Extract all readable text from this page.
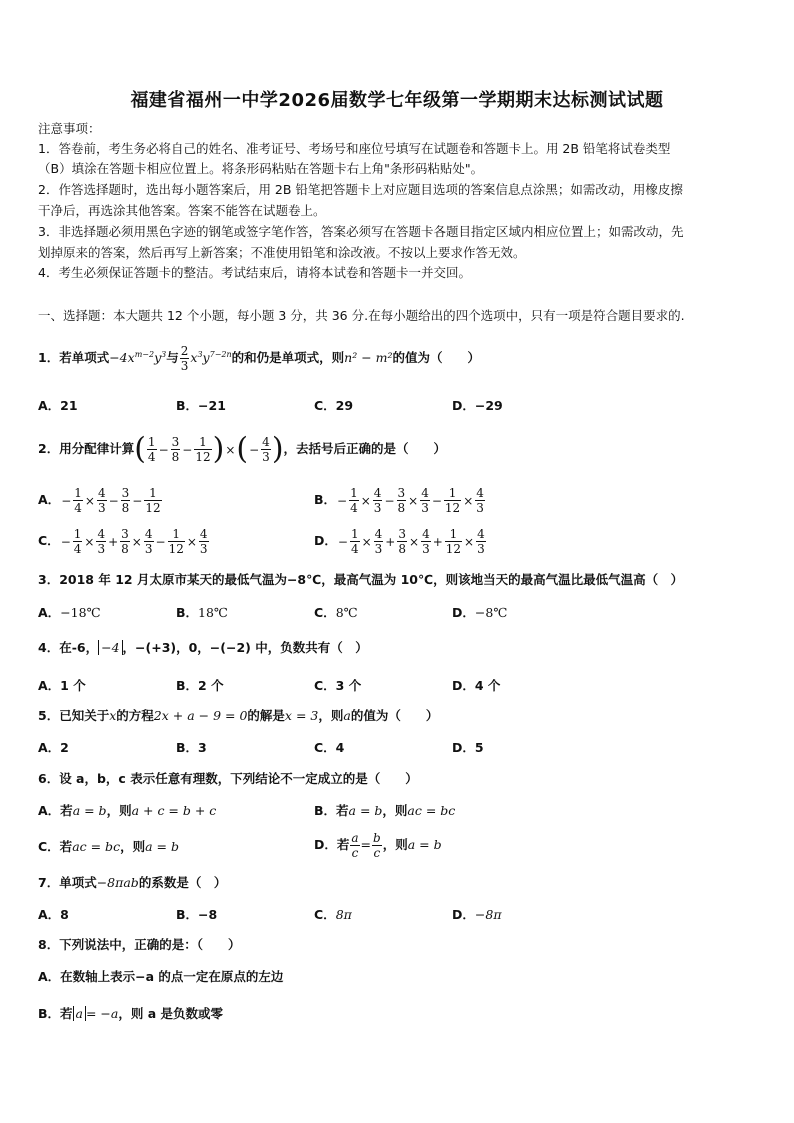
福建省福州一中学2026届数学七年级第一学期期末达标测试试题
注意事项：
1．答卷前，考生务必将自己的姓名、准考证号、考场号和座位号填写在试题卷和答题卡上。用 2B 铅笔将试卷类型
（B）填涂在答题卡相应位置上。将条形码粘贴在答题卡右上角"条形码粘贴处"。
2．作答选择题时，选出每小题答案后，用 2B 铅笔把答题卡上对应题目选项的答案信息点涂黑；如需改动，用橡皮擦
干净后，再选涂其他答案。答案不能答在试题卷上。
3．非选择题必须用黑色字迹的钢笔或签字笔作答，答案必须写在答题卡各题目指定区域内相应位置上；如需改动，先
划掉原来的答案，然后再写上新答案；不准使用铅笔和涂改液。不按以上要求作答无效。
4．考生必须保证答题卡的整洁。考试结束后，请将本试卷和答题卡一并交回。
一、选择题：本大题共 12 个小题，每小题 3 分，共 36 分.在每小题给出的四个选项中，只有一项是符合题目要求的.
1．若单项式$-4x^{m-2}y^3$与 $\frac{2}{3} x^3y^{7-2n}$的和仍是单项式，则n² − m²的值为（　　）
A．21	B．−21	C．29	D．−29
2．用分配律计算( $\frac{1}{4} - \frac{3}{8} - \frac{1}{12}$ )×(− $\frac{4}{3}$ )，去括号后正确的是（　　）
A．− $\frac{1}{4} \times \frac{4}{3} - \frac{3}{8} - \frac{1}{12}$	B．− $\frac{1}{4} \times \frac{4}{3} - \frac{3}{8} \times \frac{4}{3} - \frac{1}{12} \times \frac{4}{3}$
C．− $\frac{1}{4} \times \frac{4}{3} + \frac{3}{8} \times \frac{4}{3} - \frac{1}{12} \times \frac{4}{3}$	D．− $\frac{1}{4} \times \frac{4}{3} + \frac{3}{8} \times \frac{4}{3} + \frac{1}{12} \times \frac{4}{3}$
3．2018 年 12 月太原市某天的最低气温为−8℃，最高气温为 10℃，则该地当天的最高气温比最低气温高（　）
A．−18℃	B．18℃	C．8℃	D．−8℃
4．在-6， −4 ，−(+3)，0，−(−2) 中，负数共有（　）
A．1 个	B．2 个	C．3 个	D．4 个
5．已知关于x的方程2x + a − 9 = 0的解是x = 3，则a的值为（　　）
A．2	B．3	C．4	D．5
6．设 a，b，c 表示任意有理数，下列结论不一定成立的是（　　）
A．若a = b，则a + c = b + c	B．若a = b，则ac = bc
C．若ac = bc，则a = b	D．若 $\frac{a}{c} = \frac{b}{c}$ ，则a = b
7．单项式−8πab的系数是（　）
A．8	B．−8	C．8π	D．−8π
8．下列说法中，正确的是：（　　）
A．在数轴上表示−a 的点一定在原点的左边
B．若 a = −a，则 a 是负数或零
